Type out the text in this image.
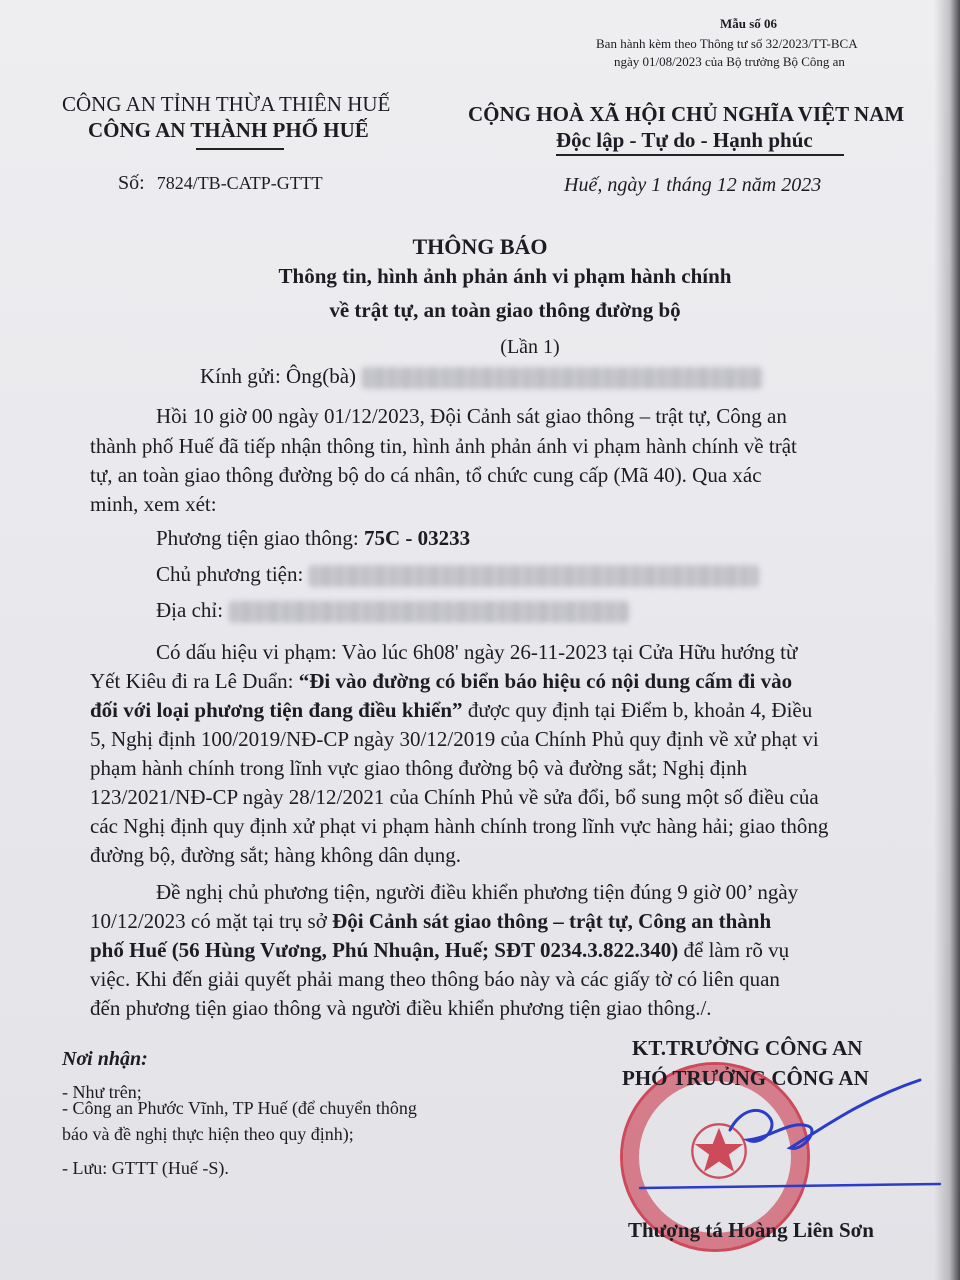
Mẫu số 06
Ban hành kèm theo Thông tư số 32/2023/TT-BCA
ngày 01/08/2023 của Bộ trưởng Bộ Công an
CÔNG AN TỈNH THỪA THIÊN HUẾ
CÔNG AN THÀNH PHỐ HUẾ
CỘNG HOÀ XÃ HỘI CHỦ NGHĨA VIỆT NAM
Độc lập - Tự do - Hạnh phúc
Số: 7824/TB-CATP-GTTT	Huế, ngày 1 tháng 12 năm 2023
THÔNG BÁO
Thông tin, hình ảnh phản ánh vi phạm hành chính
về trật tự, an toàn giao thông đường bộ
(Lần 1)
Kính gửi: Ông(bà)
Hồi 10 giờ 00 ngày 01/12/2023, Đội Cảnh sát giao thông – trật tự, Công an
thành phố Huế đã tiếp nhận thông tin, hình ảnh phản ánh vi phạm hành chính về trật
tự, an toàn giao thông đường bộ do cá nhân, tổ chức cung cấp (Mã 40). Qua xác
minh, xem xét:
Phương tiện giao thông: 75C - 03233
Chủ phương tiện:
Địa chỉ:
Có dấu hiệu vi phạm: Vào lúc 6h08' ngày 26-11-2023 tại Cửa Hữu hướng từ
Yết Kiêu đi ra Lê Duẩn: “Đi vào đường có biển báo hiệu có nội dung cấm đi vào
đối với loại phương tiện đang điều khiển” được quy định tại Điểm b, khoản 4, Điều
5, Nghị định 100/2019/NĐ-CP ngày 30/12/2019 của Chính Phủ quy định về xử phạt vi
phạm hành chính trong lĩnh vực giao thông đường bộ và đường sắt; Nghị định
123/2021/NĐ-CP ngày 28/12/2021 của Chính Phủ về sửa đổi, bổ sung một số điều của
các Nghị định quy định xử phạt vi phạm hành chính trong lĩnh vực hàng hải; giao thông
đường bộ, đường sắt; hàng không dân dụng.
Đề nghị chủ phương tiện, người điều khiển phương tiện đúng 9 giờ 00’ ngày
10/12/2023 có mặt tại trụ sở Đội Cảnh sát giao thông – trật tự, Công an thành
phố Huế (56 Hùng Vương, Phú Nhuận, Huế; SĐT 0234.3.822.340) để làm rõ vụ
việc. Khi đến giải quyết phải mang theo thông báo này và các giấy tờ có liên quan
đến phương tiện giao thông và người điều khiển phương tiện giao thông./.
Nơi nhận:
- Như trên;
- Công an Phước Vĩnh, TP Huế (để chuyển thông
báo và đề nghị thực hiện theo quy định);
- Lưu: GTTT (Huế -S).
KT.TRƯỞNG CÔNG AN
PHÓ TRƯỞNG CÔNG AN
Thượng tá Hoàng Liên Sơn
